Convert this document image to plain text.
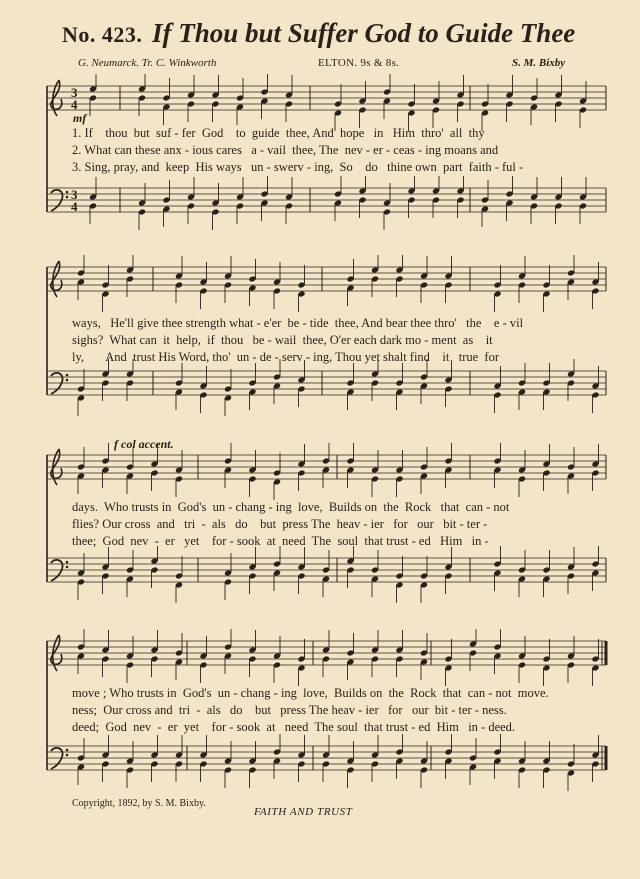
No. 423. If Thou but Suffer God to Guide Thee
G. Neumarck. Tr. C. Winkworth	ELTON. 9s & 8s.	S. M. Bixby
3
3
4
4
mf
f col accent.
1. If    thou  but  suf - fer  God    to  guide  thee, And  hope   in   Him  thro'  all  thy
2. What can these anx - ious cares   a - vail  thee, The  nev - er - ceas - ing moans and
3. Sing, pray, and  keep  His ways   un - swerv - ing,  So    do   thine own  part  faith - ful -
ways,   He'll give thee strength what - e'er  be - tide  thee, And bear thee thro'   the    e - vil
sighs?  What can  it  help,  if  thou   be - wail  thee, O'er each dark mo - ment  as    it
ly,       And  trust His Word, tho'  un - de - serv - ing, Thou yet shalt find    it   true  for
days.  Who trusts in  God's  un - chang - ing  love,  Builds on  the  Rock   that  can - not
flies? Our cross  and   tri  -  als   do    but  press The  heav - ier   for   our   bit - ter -
thee;  God  nev  -  er   yet    for - sook  at  need  The  soul  that trust - ed   Him   in -
move ; Who trusts in  God's  un - chang - ing  love,  Builds on  the  Rock  that  can - not  move.
ness;  Our cross and  tri  -  als   do    but   press The heav - ier   for   our  bit - ter - ness.
deed;  God  nev  -  er  yet    for - sook  at   need  The soul  that trust - ed  Him   in - deed.
Copyright, 1892, by S. M. Bixby.
FAITH AND TRUST
